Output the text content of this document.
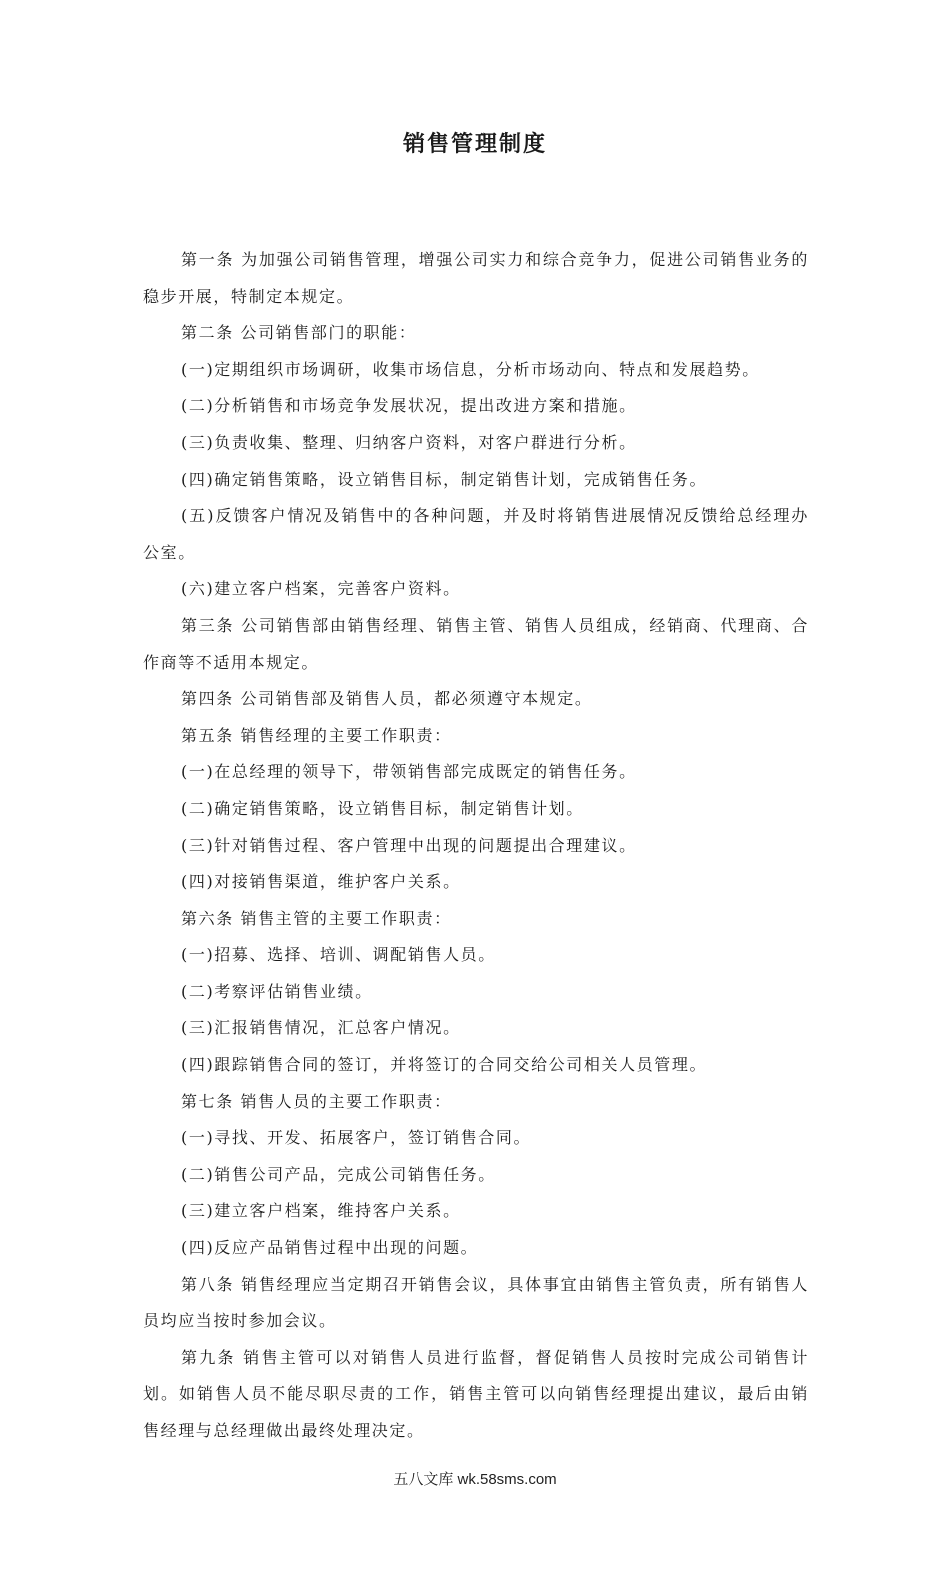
销售管理制度

第一条 为加强公司销售管理，增强公司实力和综合竞争力，促进公司销售业务的稳步开展，特制定本规定。

第二条 公司销售部门的职能：

(一)定期组织市场调研，收集市场信息，分析市场动向、特点和发展趋势。

(二)分析销售和市场竞争发展状况，提出改进方案和措施。

(三)负责收集、整理、归纳客户资料，对客户群进行分析。

(四)确定销售策略，设立销售目标，制定销售计划，完成销售任务。

(五)反馈客户情况及销售中的各种问题，并及时将销售进展情况反馈给总经理办公室。

(六)建立客户档案，完善客户资料。

第三条 公司销售部由销售经理、销售主管、销售人员组成，经销商、代理商、合作商等不适用本规定。

第四条 公司销售部及销售人员，都必须遵守本规定。

第五条 销售经理的主要工作职责：

(一)在总经理的领导下，带领销售部完成既定的销售任务。

(二)确定销售策略，设立销售目标，制定销售计划。

(三)针对销售过程、客户管理中出现的问题提出合理建议。

(四)对接销售渠道，维护客户关系。

第六条 销售主管的主要工作职责：

(一)招募、选择、培训、调配销售人员。

(二)考察评估销售业绩。

(三)汇报销售情况，汇总客户情况。

(四)跟踪销售合同的签订，并将签订的合同交给公司相关人员管理。

第七条 销售人员的主要工作职责：

(一)寻找、开发、拓展客户，签订销售合同。

(二)销售公司产品，完成公司销售任务。

(三)建立客户档案，维持客户关系。

(四)反应产品销售过程中出现的问题。

第八条 销售经理应当定期召开销售会议，具体事宜由销售主管负责，所有销售人员均应当按时参加会议。

第九条 销售主管可以对销售人员进行监督，督促销售人员按时完成公司销售计划。如销售人员不能尽职尽责的工作，销售主管可以向销售经理提出建议，最后由销售经理与总经理做出最终处理决定。

五八文库 wk.58sms.com
